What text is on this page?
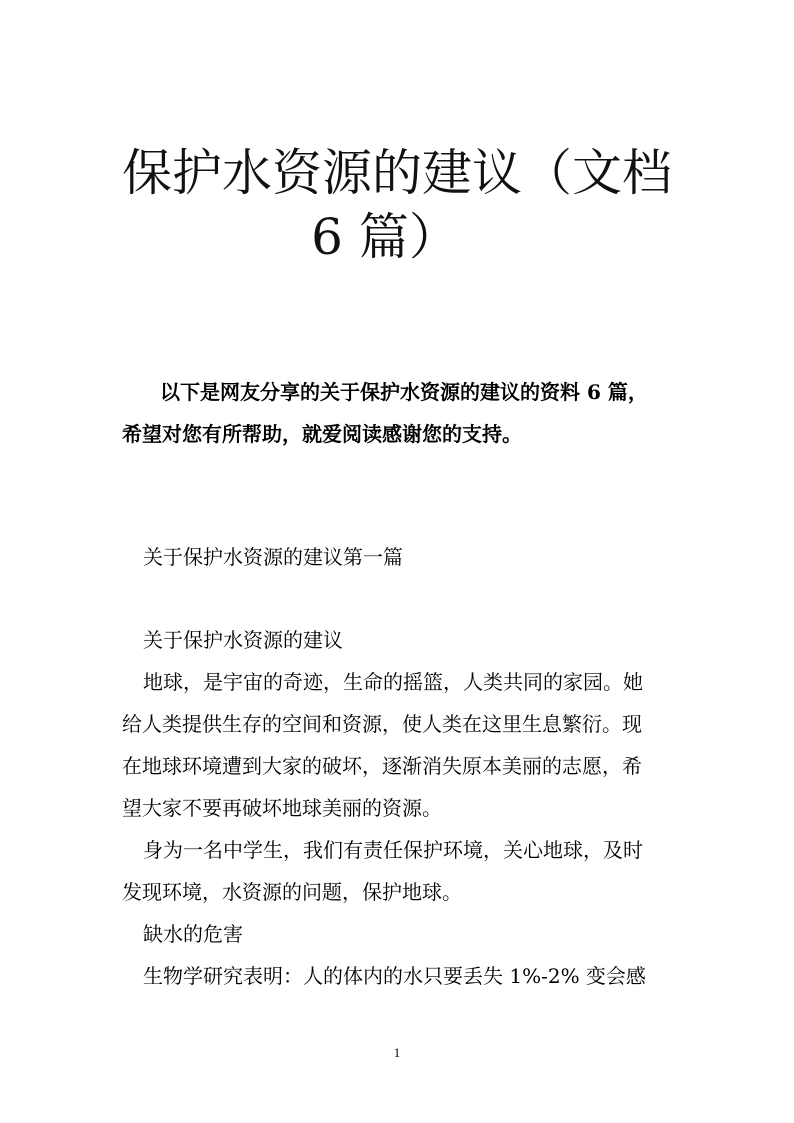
保护水资源的建议（文档
6 篇）

以下是网友分享的关于保护水资源的建议的资料 6 篇，

希望对您有所帮助，就爱阅读感谢您的支持。

关于保护水资源的建议第一篇

关于保护水资源的建议

地球，是宇宙的奇迹，生命的摇篮，人类共同的家园。她

给人类提供生存的空间和资源，使人类在这里生息繁衍。现

在地球环境遭到大家的破坏，逐渐消失原本美丽的志愿，希

望大家不要再破坏地球美丽的资源。

身为一名中学生，我们有责任保护环境，关心地球，及时

发现环境，水资源的问题，保护地球。

缺水的危害

生物学研究表明：人的体内的水只要丢失 1%-2% 变会感

1
